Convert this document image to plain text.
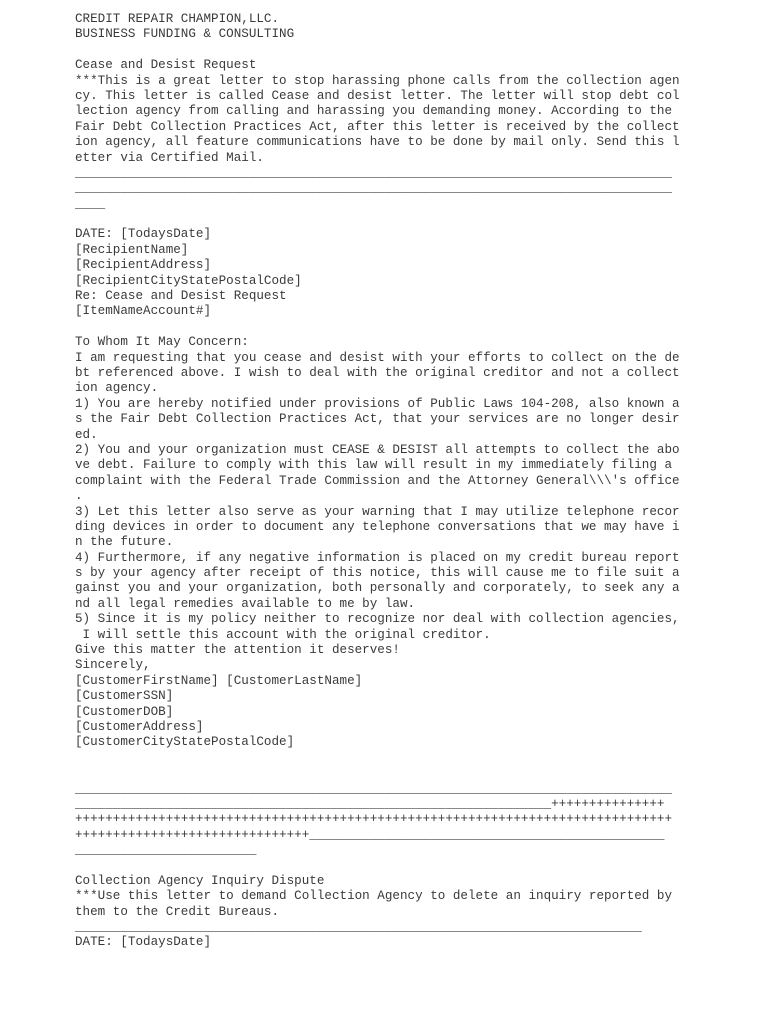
CREDIT REPAIR CHAMPION,LLC.
BUSINESS FUNDING & CONSULTING
Cease and Desist Request
***This is a great letter to stop harassing phone calls from the collection agen
cy. This letter is called Cease and desist letter. The letter will stop debt col
lection agency from calling and harassing you demanding money. According to the
Fair Debt Collection Practices Act, after this letter is received by the collect
ion agency, all feature communications have to be done by mail only. Send this l
etter via Certified Mail.
_______________________________________________________________________________
_______________________________________________________________________________
____
DATE: [TodaysDate]
[RecipientName]
[RecipientAddress]
[RecipientCityStatePostalCode]
Re: Cease and Desist Request
[ItemNameAccount#]
To Whom It May Concern:
I am requesting that you cease and desist with your efforts to collect on the de
bt referenced above. I wish to deal with the original creditor and not a collect
ion agency.
1) You are hereby notified under provisions of Public Laws 104-208, also known a
s the Fair Debt Collection Practices Act, that your services are no longer desir
ed.
2) You and your organization must CEASE & DESIST all attempts to collect the abo
ve debt. Failure to comply with this law will result in my immediately filing a
complaint with the Federal Trade Commission and the Attorney General\\\'s office
.
3) Let this letter also serve as your warning that I may utilize telephone recor
ding devices in order to document any telephone conversations that we may have i
n the future.
4) Furthermore, if any negative information is placed on my credit bureau report
s by your agency after receipt of this notice, this will cause me to file suit a
gainst you and your organization, both personally and corporately, to seek any a
nd all legal remedies available to me by law.
5) Since it is my policy neither to recognize nor deal with collection agencies,
I will settle this account with the original creditor.
Give this matter the attention it deserves!
Sincerely,
[CustomerFirstName] [CustomerLastName]
[CustomerSSN]
[CustomerDOB]
[CustomerAddress]
[CustomerCityStatePostalCode]
_______________________________________________________________________________
_______________________________________________________________+++++++++++++++
+++++++++++++++++++++++++++++++++++++++++++++++++++++++++++++++++++++++++++++++
+++++++++++++++++++++++++++++++_______________________________________________
________________________
Collection Agency Inquiry Dispute
***Use this letter to demand Collection Agency to delete an inquiry reported by
them to the Credit Bureaus.
___________________________________________________________________________
DATE: [TodaysDate]
